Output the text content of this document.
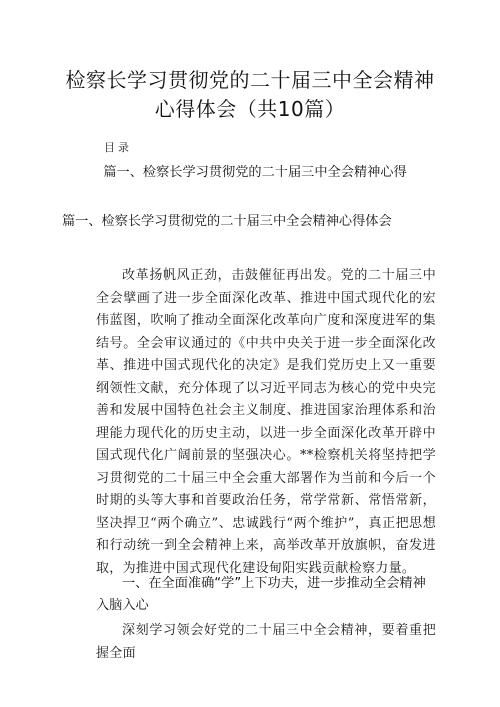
检察长学习贯彻党的二十届三中全会精神
心得体会（共10篇）
目录
篇一、检察长学习贯彻党的二十届三中全会精神心得
篇一、检察长学习贯彻党的二十届三中全会精神心得体会

改革扬帆风正劲，击鼓催征再出发。党的二十届三中全会擘画了进一步全面深化改革、推进中国式现代化的宏伟蓝图，吹响了推动全面深化改革向广度和深度进军的集结号。全会审议通过的《中共中央关于进一步全面深化改革、推进中国式现代化的决定》是我们党历史上又一重要纲领性文献，充分体现了以习近平同志为核心的党中央完善和发展中国特色社会主义制度、推进国家治理体系和治理能力现代化的历史主动，以进一步全面深化改革开辟中国式现代化广阔前景的坚强决心。**检察机关将坚持把学习贯彻党的二十届三中全会重大部署作为当前和今后一个时期的头等大事和首要政治任务，常学常新、常悟常新，坚决捍卫“两个确立”、忠诚践行“两个维护”，真正把思想和行动统一到全会精神上来，高举改革开放旗帜，奋发进取，为推进中国式现代化建设甸阳实践贡献检察力量。

一、在全面准确“学”上下功夫，进一步推动全会精神入脑入心

深刻学习领会好党的二十届三中全会精神，要着重把握全面
